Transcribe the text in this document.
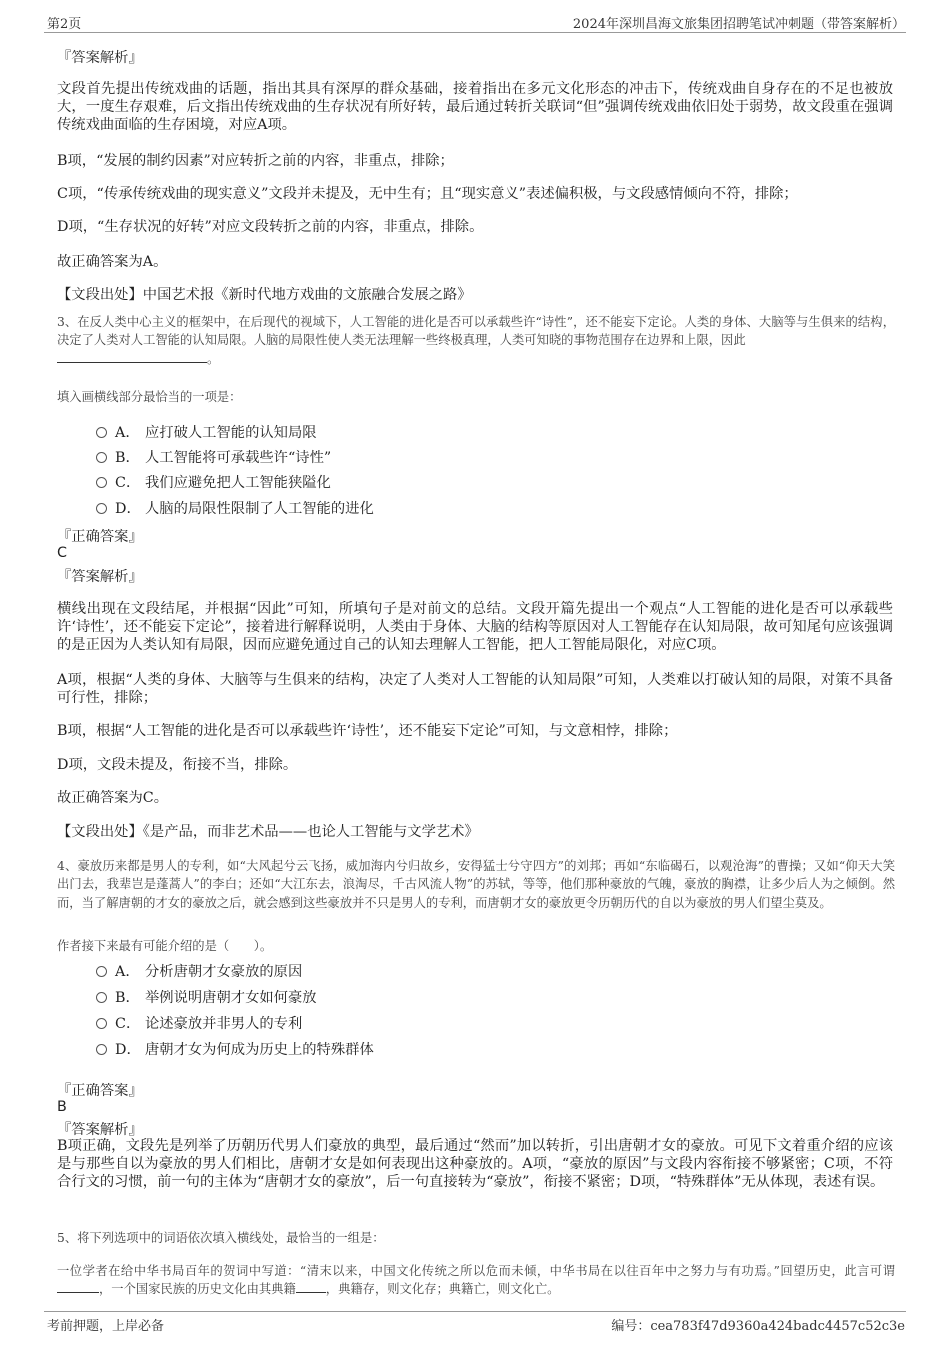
第2页	2024年深圳昌海文旅集团招聘笔试冲刺题（带答案解析）

『答案解析』

文段首先提出传统戏曲的话题，指出其具有深厚的群众基础，接着指出在多元文化形态的冲击下，传统戏曲自身存在的不足也被放大，一度生存艰难，后文指出传统戏曲的生存状况有所好转，最后通过转折关联词“但”强调传统戏曲依旧处于弱势，故文段重在强调传统戏曲面临的生存困境，对应A项。

B项，“发展的制约因素”对应转折之前的内容，非重点，排除；

C项，“传承传统戏曲的现实意义”文段并未提及，无中生有；且“现实意义”表述偏积极，与文段感情倾向不符，排除；

D项，“生存状况的好转”对应文段转折之前的内容，非重点，排除。

故正确答案为A。

【文段出处】中国艺术报《新时代地方戏曲的文旅融合发展之路》

3、在反人类中心主义的框架中，在后现代的视域下，人工智能的进化是否可以承载些许“诗性”，还不能妄下定论。人类的身体、大脑等与生俱来的结构，决定了人类对人工智能的认知局限。人脑的局限性使人类无法理解一些终极真理，人类可知晓的事物范围存在边界和上限，因此
。

填入画横线部分最恰当的一项是：

A． 应打破人工智能的认知局限
B． 人工智能将可承载些许“诗性”
C． 我们应避免把人工智能狭隘化
D． 人脑的局限性限制了人工智能的进化

『正确答案』

C

『答案解析』

横线出现在文段结尾，并根据“因此”可知，所填句子是对前文的总结。文段开篇先提出一个观点“人工智能的进化是否可以承载些许‘诗性’，还不能妄下定论”，接着进行解释说明，人类由于身体、大脑的结构等原因对人工智能存在认知局限，故可知尾句应该强调的是正因为人类认知有局限，因而应避免通过自己的认知去理解人工智能，把人工智能局限化，对应C项。

A项，根据“人类的身体、大脑等与生俱来的结构，决定了人类对人工智能的认知局限”可知，人类难以打破认知的局限，对策不具备可行性，排除；

B项，根据“人工智能的进化是否可以承载些许‘诗性’，还不能妄下定论”可知，与文意相悖，排除；

D项，文段未提及，衔接不当，排除。

故正确答案为C。

【文段出处】《是产品，而非艺术品——也论人工智能与文学艺术》

4、豪放历来都是男人的专利，如“大风起兮云飞扬，威加海内兮归故乡，安得猛士兮守四方”的刘邦；再如“东临碣石，以观沧海”的曹操；又如“仰天大笑出门去，我辈岂是蓬蒿人”的李白；还如“大江东去，浪淘尽，千古风流人物”的苏轼，等等，他们那种豪放的气魄，豪放的胸襟，让多少后人为之倾倒。然而，当了解唐朝的才女的豪放之后，就会感到这些豪放并不只是男人的专利，而唐朝才女的豪放更令历朝历代的自以为豪放的男人们望尘莫及。

作者接下来最有可能介绍的是（　　）。

A． 分析唐朝才女豪放的原因
B． 举例说明唐朝才女如何豪放
C． 论述豪放并非男人的专利
D． 唐朝才女为何成为历史上的特殊群体

『正确答案』

B

『答案解析』

B项正确，文段先是列举了历朝历代男人们豪放的典型，最后通过“然而”加以转折，引出唐朝才女的豪放。可见下文着重介绍的应该是与那些自以为豪放的男人们相比，唐朝才女是如何表现出这种豪放的。A项，“豪放的原因”与文段内容衔接不够紧密；C项，不符合行文的习惯，前一句的主体为“唐朝才女的豪放”，后一句直接转为“豪放”，衔接不紧密；D项，“特殊群体”无从体现，表述有误。

5、将下列选项中的词语依次填入横线处，最恰当的一组是：

一位学者在给中华书局百年的贺词中写道：“清末以来，中国文化传统之所以危而未倾，中华书局在以往百年中之努力与有功焉。”回望历史，此言可谓，一个国家民族的历史文化由其典籍 ，典籍存，则文化存；典籍亡，则文化亡。
考前押题，上岸必备	编号：cea783f47d9360a424badc4457c52c3e
